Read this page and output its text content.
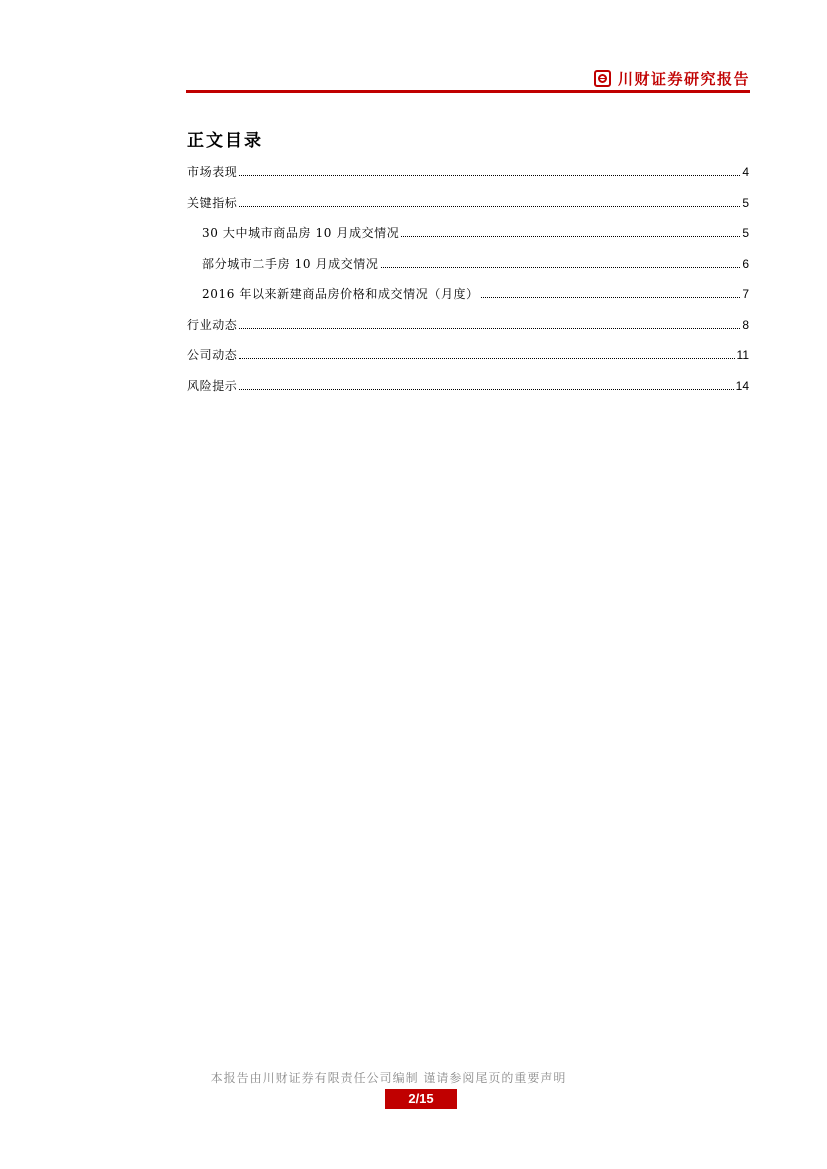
川财证券研究报告
正文目录
市场表现	4
关键指标	5
30 大中城市商品房 10 月成交情况	5
部分城市二手房 10 月成交情况	6
2016 年以来新建商品房价格和成交情况（月度）	7
行业动态	8
公司动态	11
风险提示	14
本报告由川财证券有限责任公司编制 谨请参阅尾页的重要声明
2/15
